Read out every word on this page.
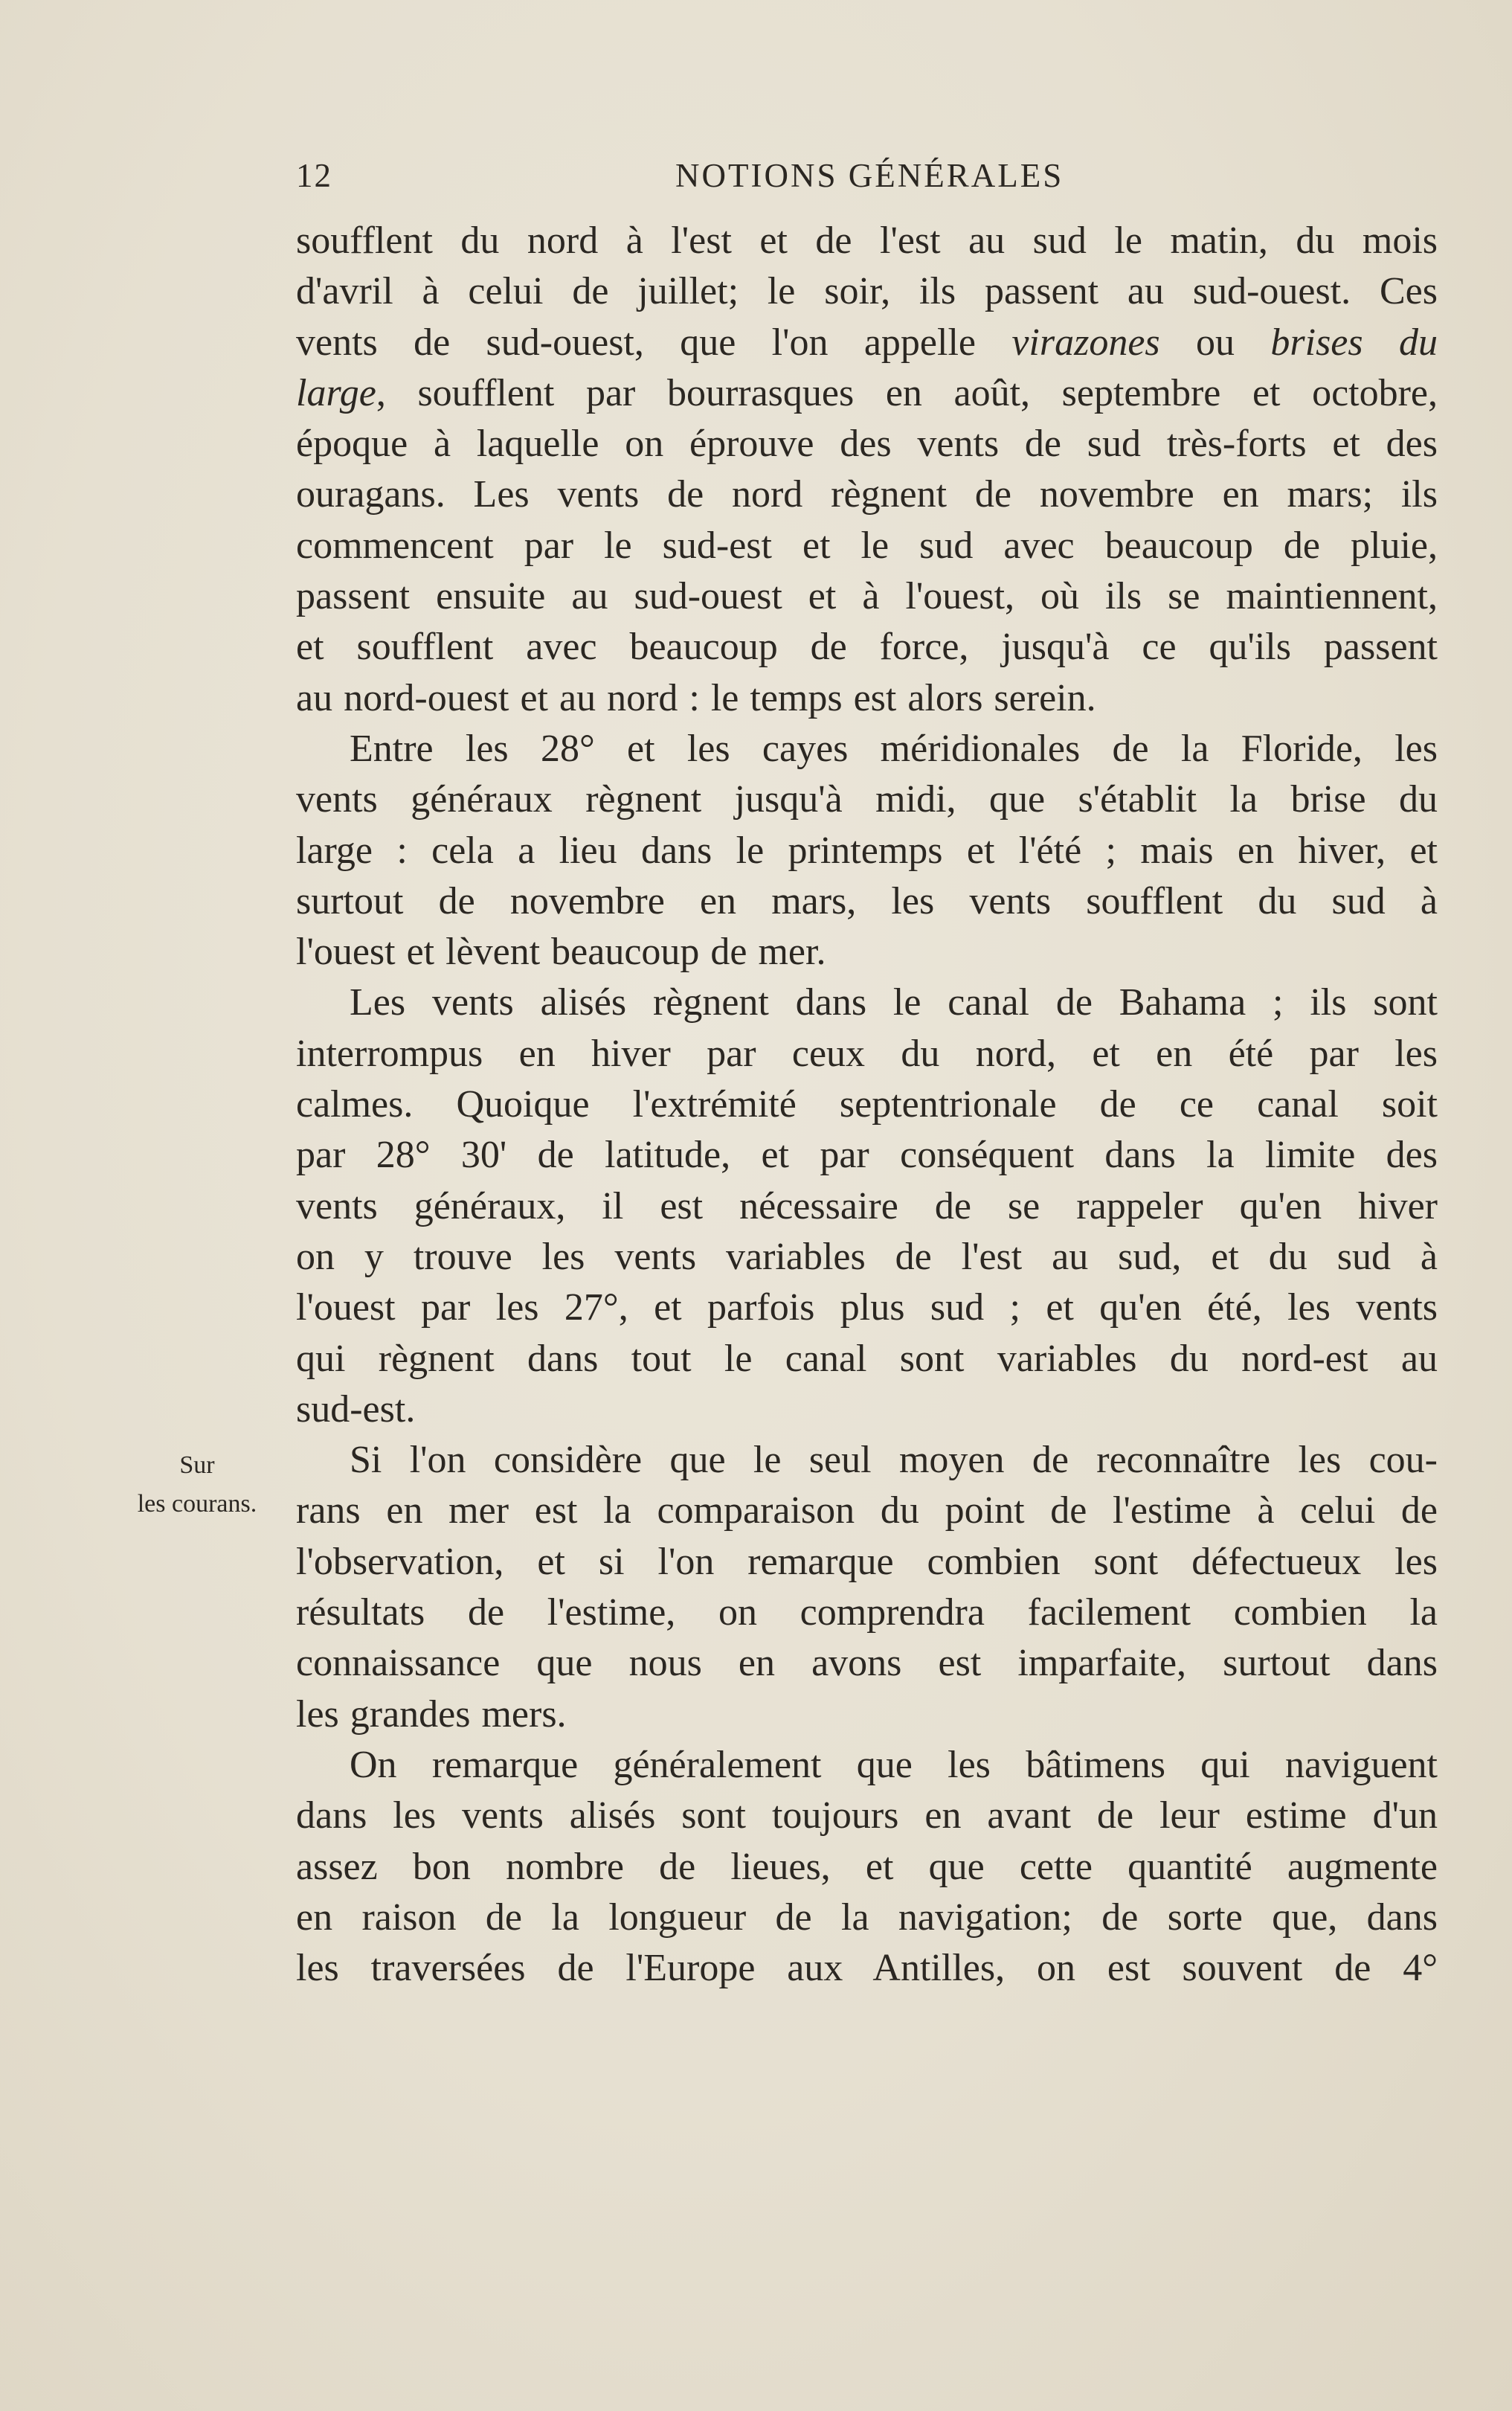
12	NOTIONS GÉNÉRALES
Sur
les courans.
soufflent du nord à l'est et de l'est au sud le matin, du mois
d'avril à celui de juillet; le soir, ils passent au sud-ouest. Ces
vents de sud-ouest, que l'on appelle virazones ou brises du
large, soufflent par bourrasques en août, septembre et octobre,
époque à laquelle on éprouve des vents de sud très-forts et des
ouragans. Les vents de nord règnent de novembre en mars; ils
commencent par le sud-est et le sud avec beaucoup de pluie,
passent ensuite au sud-ouest et à l'ouest, où ils se maintiennent,
et soufflent avec beaucoup de force, jusqu'à ce qu'ils passent
au nord-ouest et au nord : le temps est alors serein.
Entre les 28° et les cayes méridionales de la Floride, les
vents généraux règnent jusqu'à midi, que s'établit la brise du
large : cela a lieu dans le printemps et l'été ; mais en hiver, et
surtout de novembre en mars, les vents soufflent du sud à
l'ouest et lèvent beaucoup de mer.
Les vents alisés règnent dans le canal de Bahama ; ils sont
interrompus en hiver par ceux du nord, et en été par les
calmes. Quoique l'extrémité septentrionale de ce canal soit
par 28° 30' de latitude, et par conséquent dans la limite des
vents généraux, il est nécessaire de se rappeler qu'en hiver
on y trouve les vents variables de l'est au sud, et du sud à
l'ouest par les 27°, et parfois plus sud ; et qu'en été, les vents
qui règnent dans tout le canal sont variables du nord-est au
sud-est.
Si l'on considère que le seul moyen de reconnaître les cou-
rans en mer est la comparaison du point de l'estime à celui de
l'observation, et si l'on remarque combien sont défectueux les
résultats de l'estime, on comprendra facilement combien la
connaissance que nous en avons est imparfaite, surtout dans
les grandes mers.
On remarque généralement que les bâtimens qui naviguent
dans les vents alisés sont toujours en avant de leur estime d'un
assez bon nombre de lieues, et que cette quantité augmente
en raison de la longueur de la navigation; de sorte que, dans
les traversées de l'Europe aux Antilles, on est souvent de 4°
